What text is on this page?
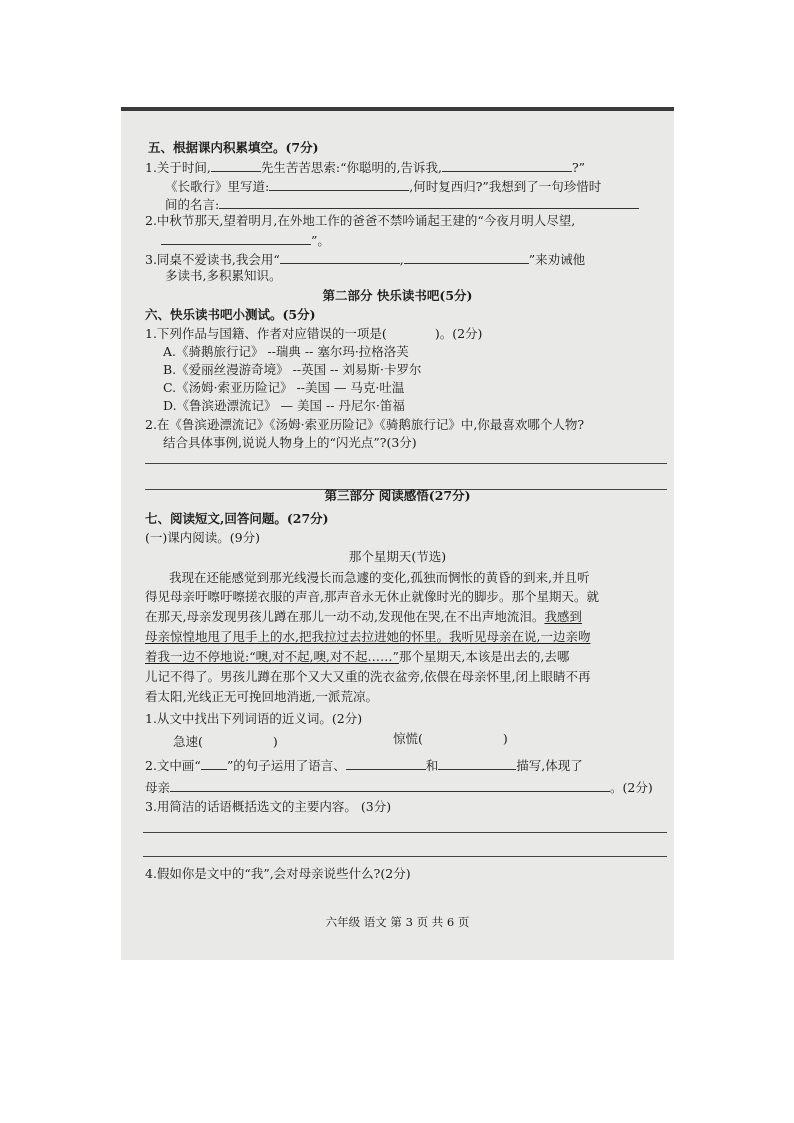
五、根据课内积累填空。(7分)
1.关于时间,	先生苦苦思索:“你聪明的,告诉我,	?”
《长歌行》里写道:	,何时复西归?”我想到了一句珍惜时
间的名言:
2.中秋节那天,望着明月,在外地工作的爸爸不禁吟诵起王建的“今夜月明人尽望,
”。
3.同桌不爱读书,我会用“	,	”来劝诫他
多读书,多积累知识。
第二部分 快乐读书吧(5分)
六、快乐读书吧小测试。(5分)
1.下列作品与国籍、作者对应错误的一项是(	)。(2分)
A.《骑鹅旅行记》 --瑞典 -- 塞尔玛·拉格洛芙
B.《爱丽丝漫游奇境》 --英国 -- 刘易斯·卡罗尔
C.《汤姆·索亚历险记》 --美国 — 马克·吐温
D.《鲁滨逊漂流记》 — 美国 -- 丹尼尔·笛福
2.在《鲁滨逊漂流记》《汤姆·索亚历险记》《骑鹅旅行记》中,你最喜欢哪个人物?
结合具体事例,说说人物身上的“闪光点”?(3分)
第三部分 阅读感悟(27分)
七、阅读短文,回答问题。(27分)
(一)课内阅读。(9分)
那个星期天(节选)
我现在还能感觉到那光线漫长而急遽的变化,孤独而惆怅的黄昏的到来,并且听
得见母亲吁嚓吁嚓搓衣服的声音,那声音永无休止就像时光的脚步。那个星期天。就
在那天,母亲发现男孩儿蹲在那儿一动不动,发现他在哭,在不出声地流泪。我感到
母亲惊惶地甩了甩手上的水,把我拉过去拉进她的怀里。我听见母亲在说,一边亲吻
着我一边不停地说:“噢,对不起,噢,对不起……”那个星期天,本该是出去的,去哪
儿记不得了。男孩儿蹲在那个又大又重的洗衣盆旁,依偎在母亲怀里,闭上眼睛不再
看太阳,光线正无可挽回地消逝,一派荒凉。
1.从文中找出下列词语的近义词。(2分)
急速(	)	惊慌(	)
2.文中画“ ”的句子运用了语言、	和	描写,体现了
母亲	。(2分)
3.用简洁的话语概括选文的主要内容。 (3分)
4.假如你是文中的“我”,会对母亲说些什么?(2分)
六年级 语文 第 3 页 共 6 页
